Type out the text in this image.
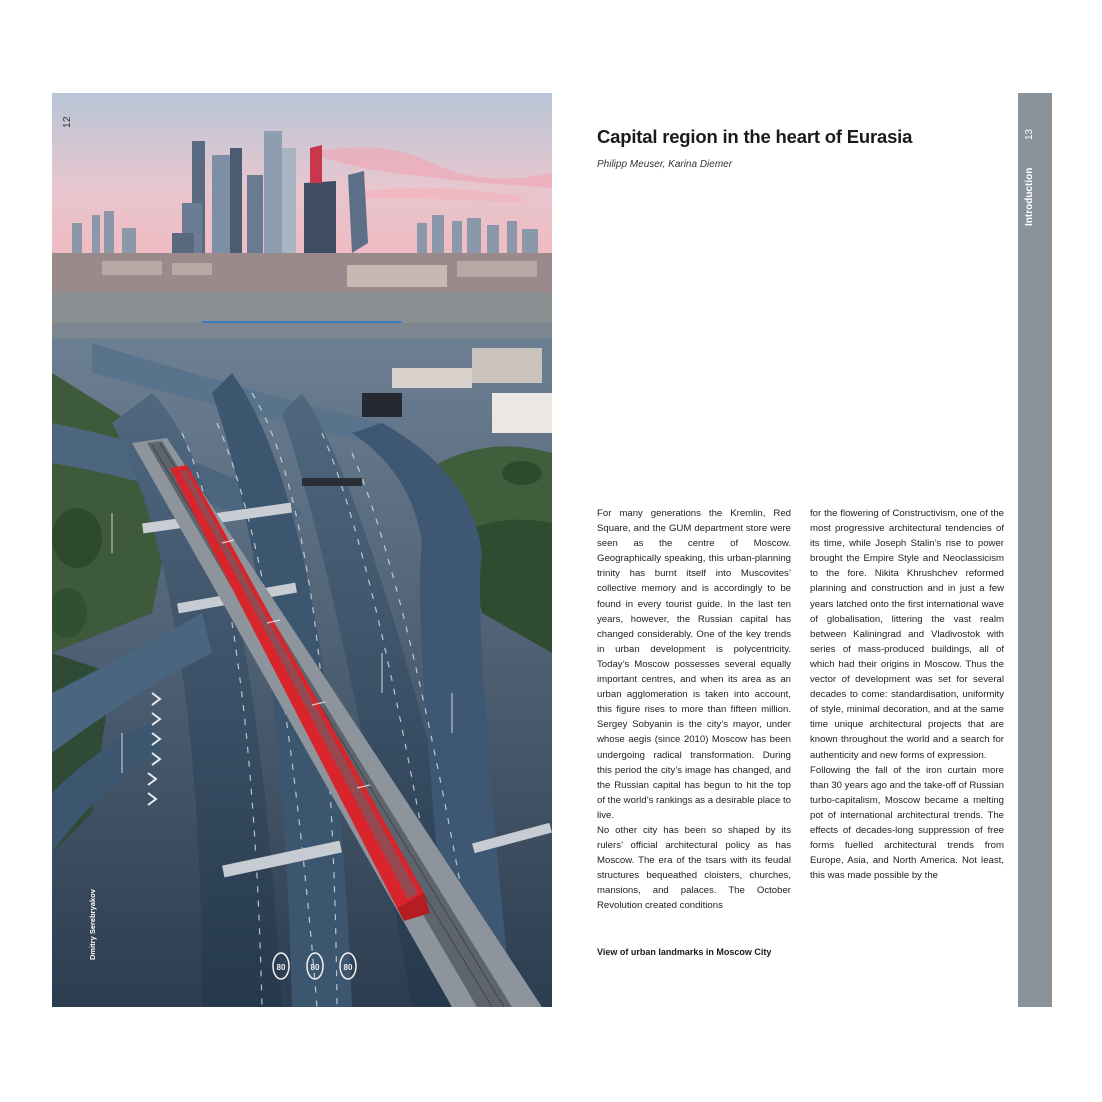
80	80	80
12
Dmitry Serebryakov
Capital region in the heart of Eurasia
Philipp Meuser, Karina Diemer

For many generations the Kremlin, Red Square, and the GUM department store were seen as the centre of Moscow. Geographically speaking, this urban-planning trinity has burnt itself into Muscovites’ collective memory and is accordingly to be found in every tourist guide. In the last ten years, however, the Russian capital has changed considerably. One of the key trends in urban development is polycentricity. Today’s Moscow possesses several equally important centres, and when its area as an urban agglomeration is taken into account, this figure rises to more than fifteen million. Sergey Sobyanin is the city’s mayor, under whose aegis (since 2010) Moscow has been undergoing radical transformation. During this period the city’s image has changed, and the Russian capital has begun to hit the top of the world’s rankings as a desirable place to live.

No other city has been so shaped by its rulers’ official architectural policy as has Moscow. The era of the tsars with its feudal structures bequeathed cloisters, churches, mansions, and palaces. The October Revolution created conditions

for the flowering of Constructivism, one of the most progressive architectural tendencies of its time, while Joseph Stalin’s rise to power brought the Empire Style and Neoclassicism to the fore. Nikita Khrushchev reformed planning and construction and in just a few years latched onto the first international wave of globalisation, littering the vast realm between Kaliningrad and Vladivostok with series of mass-produced buildings, all of which had their origins in Moscow. Thus the vector of development was set for several decades to come: standardisation, uniformity of style, minimal decoration, and at the same time unique architectural projects that are known throughout the world and a search for authenticity and new forms of expression.

Following the fall of the iron curtain more than 30 years ago and the take-off of Russian turbo-capitalism, Moscow became a melting pot of international architectural trends. The effects of decades-long suppression of free forms fuelled architectural trends from Europe, Asia, and North America. Not least, this was made possible by the

View of urban landmarks in Moscow City
13
Introduction
